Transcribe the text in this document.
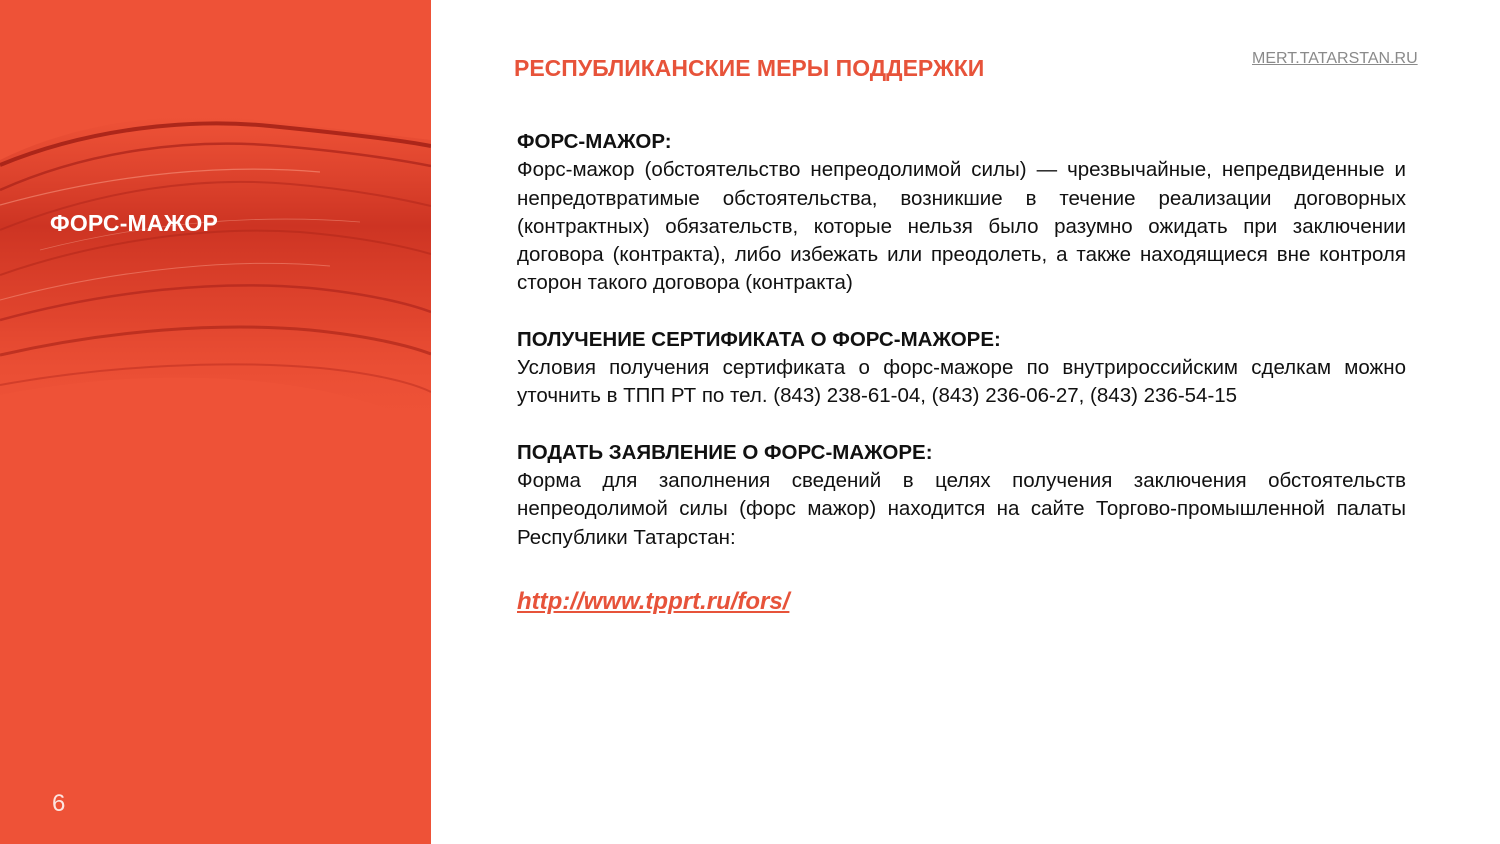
ФОРС-МАЖОР
6
РЕСПУБЛИКАНСКИЕ МЕРЫ ПОДДЕРЖКИ	MERT.TATARSTAN.RU
ФОРС-МАЖОР:

Форс-мажор (обстоятельство непреодолимой силы) — чрезвычайные, непредвиденные и непредотвратимые обстоятельства, возникшие в течение реализации договорных (контрактных) обязательств, которые нельзя было разумно ожидать при заключении договора (контракта), либо избежать или преодолеть, а также находящиеся вне контроля сторон такого договора (контракта)

ПОЛУЧЕНИЕ СЕРТИФИКАТА О ФОРС-МАЖОРЕ:

Условия получения сертификата о форс-мажоре по внутрироссийским сделкам можно уточнить в ТПП РТ по тел. (843) 238-61-04, (843) 236-06-27, (843) 236-54-15

ПОДАТЬ ЗАЯВЛЕНИЕ О ФОРС-МАЖОРЕ:

Форма для заполнения сведений в целях получения заключения обстоятельств непреодолимой силы (форс мажор) находится на сайте Торгово-промышленной палаты Республики Татарстан:

http://www.tpprt.ru/fors/
